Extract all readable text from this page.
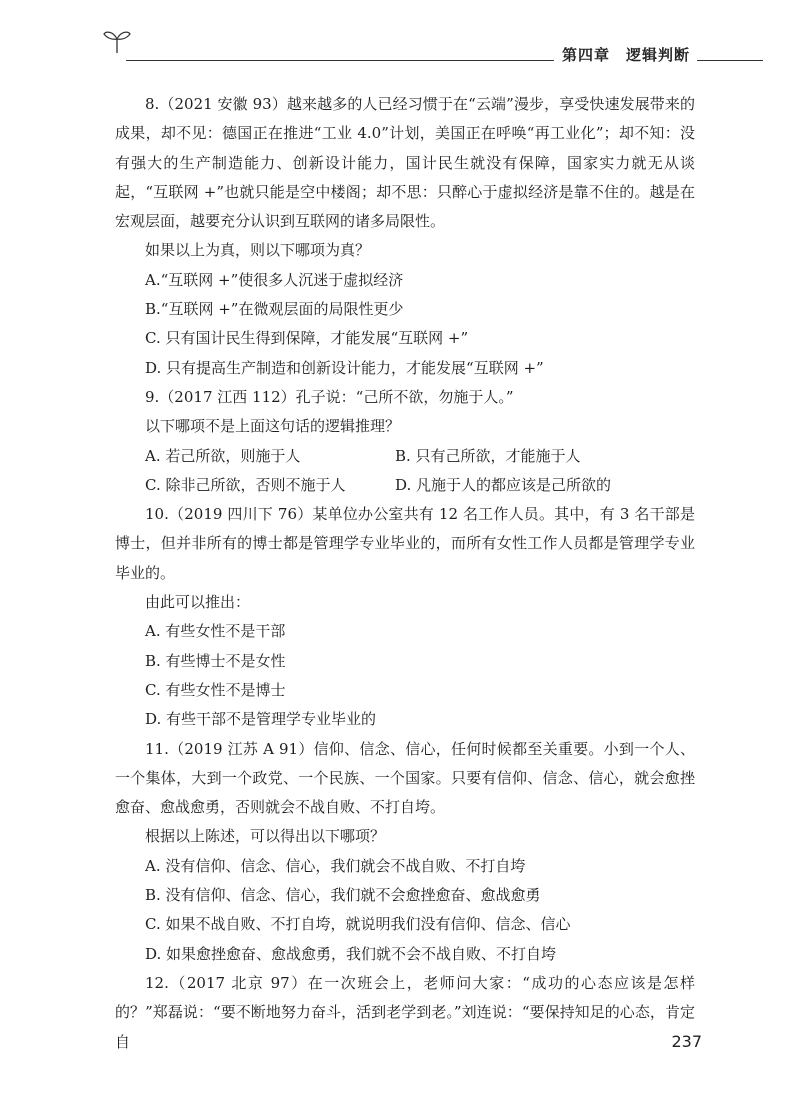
第四章　逻辑判断

8.（2021 安徽 93）越来越多的人已经习惯于在“云端”漫步，享受快速发展带来的成果，却不见：德国正在推进“工业 4.0”计划，美国正在呼唤“再工业化”；却不知：没有强大的生产制造能力、创新设计能力，国计民生就没有保障，国家实力就无从谈起，“互联网 +”也就只能是空中楼阁；却不思：只醉心于虚拟经济是靠不住的。越是在宏观层面，越要充分认识到互联网的诸多局限性。

如果以上为真，则以下哪项为真？

A.“互联网 +”使很多人沉迷于虚拟经济

B.“互联网 +”在微观层面的局限性更少

C. 只有国计民生得到保障，才能发展“互联网 +”

D. 只有提高生产制造和创新设计能力，才能发展“互联网 +”

9.（2017 江西 112）孔子说：“己所不欲，勿施于人。”

以下哪项不是上面这句话的逻辑推理？

A. 若己所欲，则施于人	B. 只有己所欲，才能施于人
C. 除非己所欲，否则不施于人	D. 凡施于人的都应该是己所欲的

10.（2019 四川下 76）某单位办公室共有 12 名工作人员。其中，有 3 名干部是博士，但并非所有的博士都是管理学专业毕业的，而所有女性工作人员都是管理学专业毕业的。

由此可以推出：

A. 有些女性不是干部

B. 有些博士不是女性

C. 有些女性不是博士

D. 有些干部不是管理学专业毕业的

11.（2019 江苏 A 91）信仰、信念、信心，任何时候都至关重要。小到一个人、一个集体，大到一个政党、一个民族、一个国家。只要有信仰、信念、信心，就会愈挫愈奋、愈战愈勇，否则就会不战自败、不打自垮。

根据以上陈述，可以得出以下哪项？

A. 没有信仰、信念、信心，我们就会不战自败、不打自垮

B. 没有信仰、信念、信心，我们就不会愈挫愈奋、愈战愈勇

C. 如果不战自败、不打自垮，就说明我们没有信仰、信念、信心

D. 如果愈挫愈奋、愈战愈勇，我们就不会不战自败、不打自垮

12.（2017 北京 97）在一次班会上，老师问大家：“成功的心态应该是怎样的？”郑磊说：“要不断地努力奋斗，活到老学到老。”刘连说：“要保持知足的心态，肯定自	237
